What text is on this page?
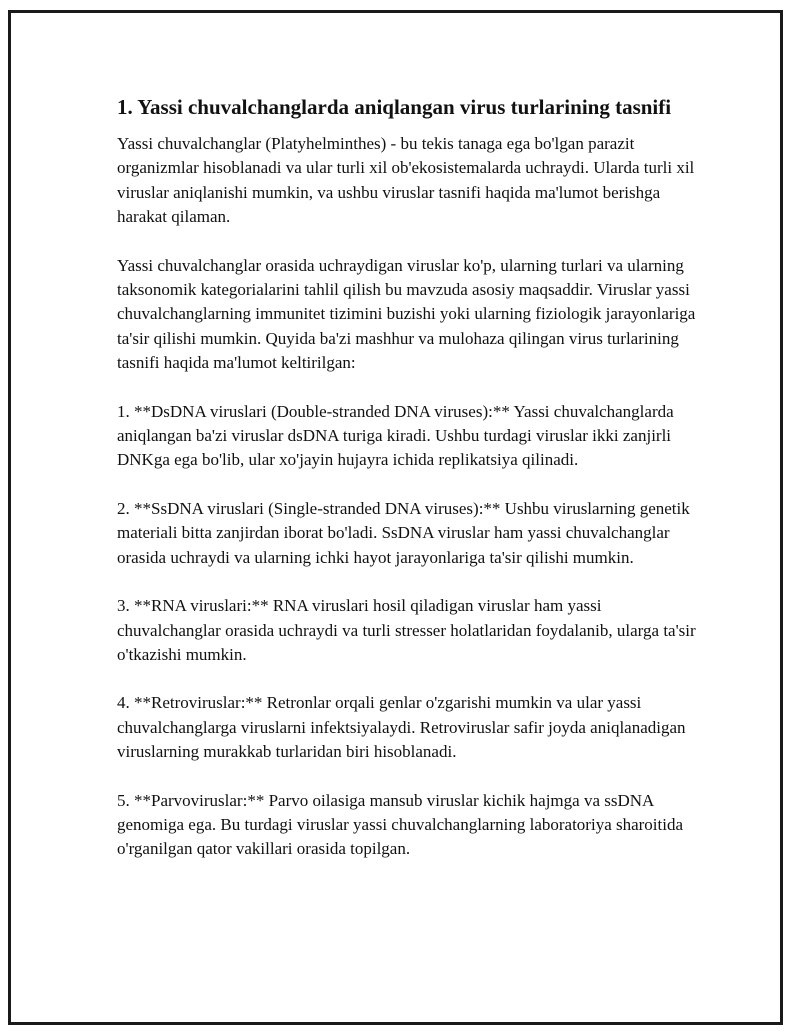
1. Yassi chuvalchanglarda aniqlangan virus turlarining tasnifi

Yassi chuvalchanglar (Platyhelminthes) - bu tekis tanaga ega bo'lgan parazit organizmlar hisoblanadi va ular turli xil ob'ekosistemalarda uchraydi. Ularda turli xil viruslar aniqlanishi mumkin, va ushbu viruslar tasnifi haqida ma'lumot berishga harakat qilaman.

Yassi chuvalchanglar orasida uchraydigan viruslar ko'p, ularning turlari va ularning taksonomik kategorialarini tahlil qilish bu mavzuda asosiy maqsaddir. Viruslar yassi chuvalchanglarning immunitet tizimini buzishi yoki ularning fiziologik jarayonlariga ta'sir qilishi mumkin. Quyida ba'zi mashhur va mulohaza qilingan virus turlarining tasnifi haqida ma'lumot keltirilgan:

1. **DsDNA viruslari (Double-stranded DNA viruses):** Yassi chuvalchanglarda aniqlangan ba'zi viruslar dsDNA turiga kiradi. Ushbu turdagi viruslar ikki zanjirli DNKga ega bo'lib, ular xo'jayin hujayra ichida replikatsiya qilinadi.

2. **SsDNA viruslari (Single-stranded DNA viruses):** Ushbu viruslarning genetik materiali bitta zanjirdan iborat bo'ladi. SsDNA viruslar ham yassi chuvalchanglar orasida uchraydi va ularning ichki hayot jarayonlariga ta'sir qilishi mumkin.

3. **RNA viruslari:** RNA viruslari hosil qiladigan viruslar ham yassi chuvalchanglar orasida uchraydi va turli stresser holatlaridan foydalanib, ularga ta'sir o'tkazishi mumkin.

4. **Retroviruslar:** Retronlar orqali genlar o'zgarishi mumkin va ular yassi chuvalchanglarga viruslarni infektsiyalaydi. Retroviruslar safir joyda aniqlanadigan viruslarning murakkab turlaridan biri hisoblanadi.

5. **Parvoviruslar:** Parvo oilasiga mansub viruslar kichik hajmga va ssDNA genomiga ega. Bu turdagi viruslar yassi chuvalchanglarning laboratoriya sharoitida o'rganilgan qator vakillari orasida topilgan.
